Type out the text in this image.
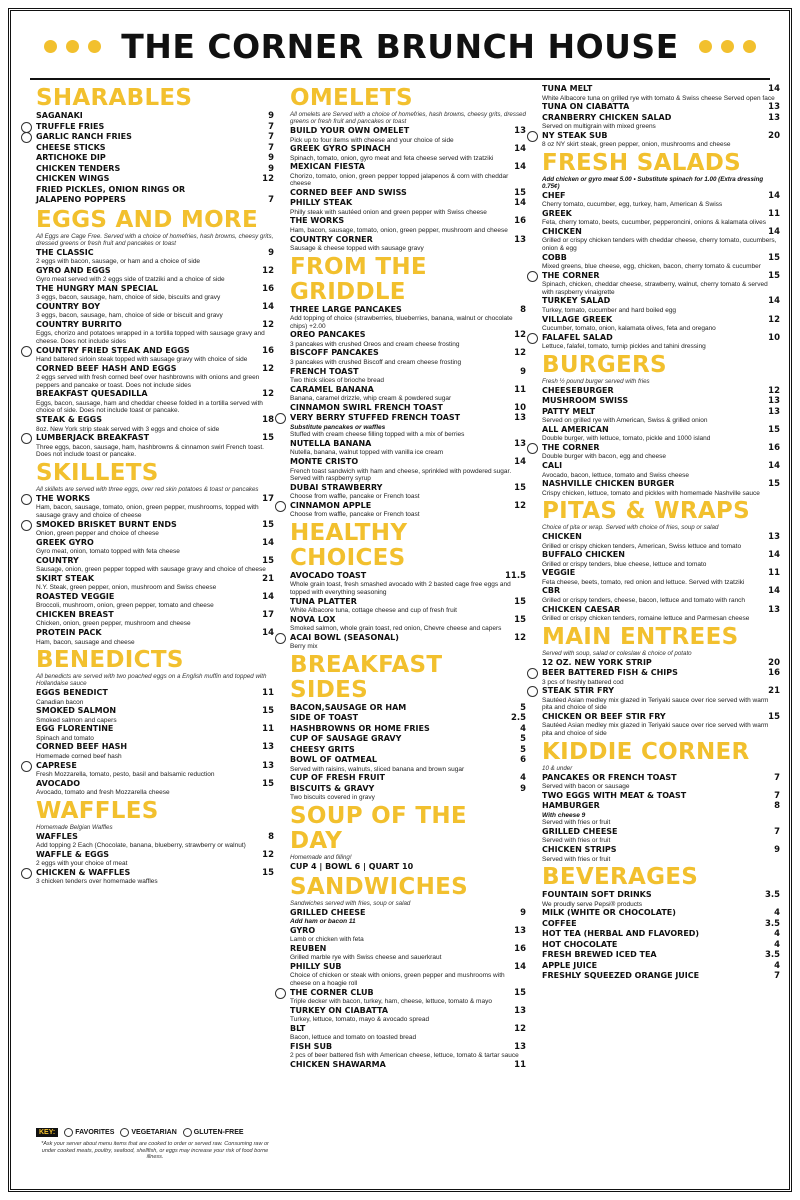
THE CORNER BRUNCH HOUSE
SHARABLES
SAGANAKI	9
TRUFFLE FRIES	7
GARLIC RANCH FRIES	7
CHEESE STICKS	7
ARTICHOKE DIP	9
CHICKEN TENDERS	9
CHICKEN WINGS	12
FRIED PICKLES, ONION RINGS OR
JALAPENO POPPERS	7
EGGS AND MORE
All Eggs are Cage Free. Served with a choice of homefries, hash browns, cheesy grits, dressed greens or fresh fruit and pancakes or toast
THE CLASSIC	9
2 eggs with bacon, sausage, or ham and a choice of side
GYRO AND EGGS	12
Gyro meat served with 2 eggs side of tzatziki and a choice of side
THE HUNGRY MAN SPECIAL	16
3 eggs, bacon, sausage, ham, choice of side, biscuits and gravy
COUNTRY BOY	14
3 eggs, bacon, sausage, ham, choice of side or biscuit and gravy
COUNTRY BURRITO	12
Eggs, chorizo and potatoes wrapped in a tortilla topped with sausage gravy and cheese. Does not include sides
COUNTRY FRIED STEAK AND EGGS	16
Hand battered sirloin steak topped with sausage gravy with choice of side
CORNED BEEF HASH AND EGGS	12
2 eggs served with fresh corned beef over hashbrowns with onions and green peppers and pancake or toast. Does not include sides
BREAKFAST QUESADILLA	12
Eggs, bacon, sausage, ham and cheddar cheese folded in a tortilla served with choice of side. Does not include toast or pancake.
STEAK & EGGS	18
8oz. New York strip steak served with 3 eggs and choice of side
LUMBERJACK BREAKFAST	15
Three eggs, bacon, sausage, ham, hashbrowns & cinnamon swirl French toast. Does not include toast or pancake.
SKILLETS
All skillets are served with three eggs, over red skin potatoes & toast or pancakes
THE WORKS	17
Ham, bacon, sausage, tomato, onion, green pepper, mushrooms, topped with sausage gravy and choice of cheese
SMOKED BRISKET BURNT ENDS	15
Onion, green pepper and choice of cheese
GREEK GYRO	14
Gyro meat, onion, tomato topped with feta cheese
COUNTRY	15
Sausage, onion, green pepper topped with sausage gravy and choice of cheese
SKIRT STEAK	21
N.Y. Steak, green pepper, onion, mushroom and Swiss cheese
ROASTED VEGGIE	14
Broccoli, mushroom, onion, green pepper, tomato and cheese
CHICKEN BREAST	17
Chicken, onion, green pepper, mushroom and cheese
PROTEIN PACK	14
Ham, bacon, sausage and cheese
BENEDICTS
All benedicts are served with two poached eggs on a English muffin and topped with Hollandaise sauce
EGGS BENEDICT	11
Canadian bacon
SMOKED SALMON	15
Smoked salmon and capers
EGG FLORENTINE	11
Spinach and tomato
CORNED BEEF HASH	13
Homemade corned beef hash
CAPRESE	13
Fresh Mozzarella, tomato, pesto, basil and balsamic reduction
AVOCADO	15
Avocado, tomato and fresh Mozzarella cheese
WAFFLES
Homemade Belgian Waffles
WAFFLES	8
Add topping 2 Each (Chocolate, banana, blueberry, strawberry or walnut)
WAFFLE & EGGS	12
2 eggs with your choice of meat
CHICKEN & WAFFLES	15
3 chicken tenders over homemade waffles
OMELETS
All omelets are Served with a choice of homefries, hash browns, cheesy grits, dressed greens or fresh fruit and pancakes or toast
BUILD YOUR OWN OMELET	13
Pick up to four items with cheese and your choice of side
GREEK GYRO SPINACH	14
Spinach, tomato, onion, gyro meat and feta cheese served with tzatziki
MEXICAN FIESTA	14
Chorizo, tomato, onion, green pepper topped jalapenos & corn with cheddar cheese
CORNED BEEF AND SWISS	15
PHILLY STEAK	14
Philly steak with sautéed onion and green pepper with Swiss cheese
THE WORKS	16
Ham, bacon, sausage, tomato, onion, green pepper, mushroom and cheese
COUNTRY CORNER	13
Sausage & cheese topped with sausage gravy
FROM THE GRIDDLE
THREE LARGE PANCAKES	8
Add topping of choice (strawberries, blueberries, banana, walnut or chocolate chips) +2.00
OREO PANCAKES	12
3 pancakes with crushed Oreos and cream cheese frosting
BISCOFF PANCAKES	12
3 pancakes with crushed Biscoff and cream cheese frosting
FRENCH TOAST	9
Two thick slices of brioche bread
CARAMEL BANANA	11
Banana, caramel drizzle, whip cream & powdered sugar
CINNAMON SWIRL FRENCH TOAST	10
VERY BERRY STUFFED FRENCH TOAST	13
Substitute pancakes or waffles
Stuffed with cream cheese filling topped with a mix of berries
NUTELLA BANANA	13
Nutella, banana, walnut topped with vanilla ice cream
MONTE CRISTO	14
French toast sandwich with ham and cheese, sprinkled with powdered sugar. Served with raspberry syrup
DUBAI STRAWBERRY	15
Choose from waffle, pancake or French toast
CINNAMON APPLE	12
Choose from waffle, pancake or French toast
HEALTHY CHOICES
AVOCADO TOAST	11.5
Whole grain toast, fresh smashed avocado with 2 basted cage free eggs and topped with everything seasoning
TUNA PLATTER	15
White Albacore tuna, cottage cheese and cup of fresh fruit
NOVA LOX	15
Smoked salmon, whole grain toast, red onion, Chevre cheese and capers
ACAI BOWL (SEASONAL)	12
Berry mix
BREAKFAST SIDES
BACON,SAUSAGE OR HAM	5
SIDE OF TOAST	2.5
HASHBROWNS OR HOME FRIES	4
CUP OF SAUSAGE GRAVY	5
CHEESY GRITS	5
BOWL OF OATMEAL	6
Served with raisins, walnuts, sliced banana and brown sugar
CUP OF FRESH FRUIT	4
BISCUITS & GRAVY	9
Two biscuits covered in gravy
SOUP OF THE DAY
Homemade and filling!
CUP 4 | BOWL 6 | QUART 10
SANDWICHES
Sandwiches served with fries, soup or salad
GRILLED CHEESE	9
Add ham or bacon 11
GYRO	13
Lamb or chicken with feta
REUBEN	16
Grilled marble rye with Swiss cheese and sauerkraut
PHILLY SUB	14
Choice of chicken or steak with onions, green pepper and mushrooms with cheese on a hoagie roll
THE CORNER CLUB	15
Triple decker with bacon, turkey, ham, cheese, lettuce, tomato & mayo
TURKEY ON CIABATTA	13
Turkey, lettuce, tomato, mayo & avocado spread
BLT	12
Bacon, lettuce and tomato on toasted bread
FISH SUB	13
2 pcs of beer battered fish with American cheese, lettuce, tomato & tartar sauce
CHICKEN SHAWARMA	11
TUNA MELT	14
White Albacore tuna on grilled rye with tomato & Swiss cheese Served open face
TUNA ON CIABATTA	13
CRANBERRY CHICKEN SALAD	13
Served on multigrain with mixed greens
NY STEAK SUB	20
8 oz NY skirt steak, green pepper, onion, mushrooms and cheese
FRESH SALADS
Add chicken or gyro meat 5.00 • Substitute spinach for 1.00 (Extra dressing 0.75¢)
CHEF	14
Cherry tomato, cucumber, egg, turkey, ham, American & Swiss
GREEK	11
Feta, cherry tomato, beets, cucumber, pepperoncini, onions & kalamata olives
CHICKEN	14
Grilled or crispy chicken tenders with cheddar cheese, cherry tomato, cucumbers, onion & egg
COBB	15
Mixed greens, blue cheese, egg, chicken, bacon, cherry tomato & cucumber
THE CORNER	15
Spinach, chicken, cheddar cheese, strawberry, walnut, cherry tomato & served with raspberry vinaigrette
TURKEY SALAD	14
Turkey, tomato, cucumber and hard boiled egg
VILLAGE GREEK	12
Cucumber, tomato, onion, kalamata olives, feta and oregano
FALAFEL SALAD	10
Lettuce, falafel, tomato, turnip pickles and tahini dressing
BURGERS
Fresh ½ pound burger served with fries
CHEESEBURGER	12
MUSHROOM SWISS	13
PATTY MELT	13
Served on grilled rye with American, Swiss & grilled onion
ALL AMERICAN	15
Double burger, with lettuce, tomato, pickle and 1000 island
THE CORNER	16
Double burger with bacon, egg and cheese
CALI	14
Avocado, bacon, lettuce, tomato and Swiss cheese
NASHVILLE CHICKEN BURGER	15
Crispy chicken, lettuce, tomato and pickles with homemade Nashville sauce
PITAS & WRAPS
Choice of pita or wrap. Served with choice of fries, soup or salad
CHICKEN	13
Grilled or crispy chicken tenders, American, Swiss lettuce and tomato
BUFFALO CHICKEN	14
Grilled or crispy tenders, blue cheese, lettuce and tomato
VEGGIE	11
Feta cheese, beets, tomato, red onion and lettuce. Served with tzatziki
CBR	14
Grilled or crispy tenders, cheese, bacon, lettuce and tomato with ranch
CHICKEN CAESAR	13
Grilled or crispy chicken tenders, romaine lettuce and Parmesan cheese
MAIN ENTREES
Served with soup, salad or coleslaw & choice of potato
12 OZ. NEW YORK STRIP	20
BEER BATTERED FISH & CHIPS	16
3 pcs of freshly battered cod
STEAK STIR FRY	21
Sautéed Asian medley mix glazed in Teriyaki sauce over rice served with warm pita and choice of side
CHICKEN OR BEEF STIR FRY	15
Sautéed Asian medley mix glazed in Teriyaki sauce over rice served with warm pita and choice of side
KIDDIE CORNER
10 & under
PANCAKES OR FRENCH TOAST	7
Served with bacon or sausage
TWO EGGS WITH MEAT & TOAST	7
HAMBURGER	8
With cheese 9
Served with fries or fruit
GRILLED CHEESE	7
Served with fries or fruit
CHICKEN STRIPS	9
Served with fries or fruit
BEVERAGES
FOUNTAIN SOFT DRINKS	3.5
We proudly serve Pepsi® products
MILK (WHITE OR CHOCOLATE)	4
COFFEE	3.5
HOT TEA (HERBAL AND FLAVORED)	4
HOT CHOCOLATE	4
FRESH BREWED ICED TEA	3.5
APPLE JUICE	4
FRESHLY SQUEEZED ORANGE JUICE	7
KEY:	FAVORITES VEGETARIAN GLUTEN-FREE
*Ask your server about menu items that are cooked to order or served raw. Consuming raw or under cooked meats, poultry, seafood, shellfish, or eggs may increase your risk of food borne illness.
